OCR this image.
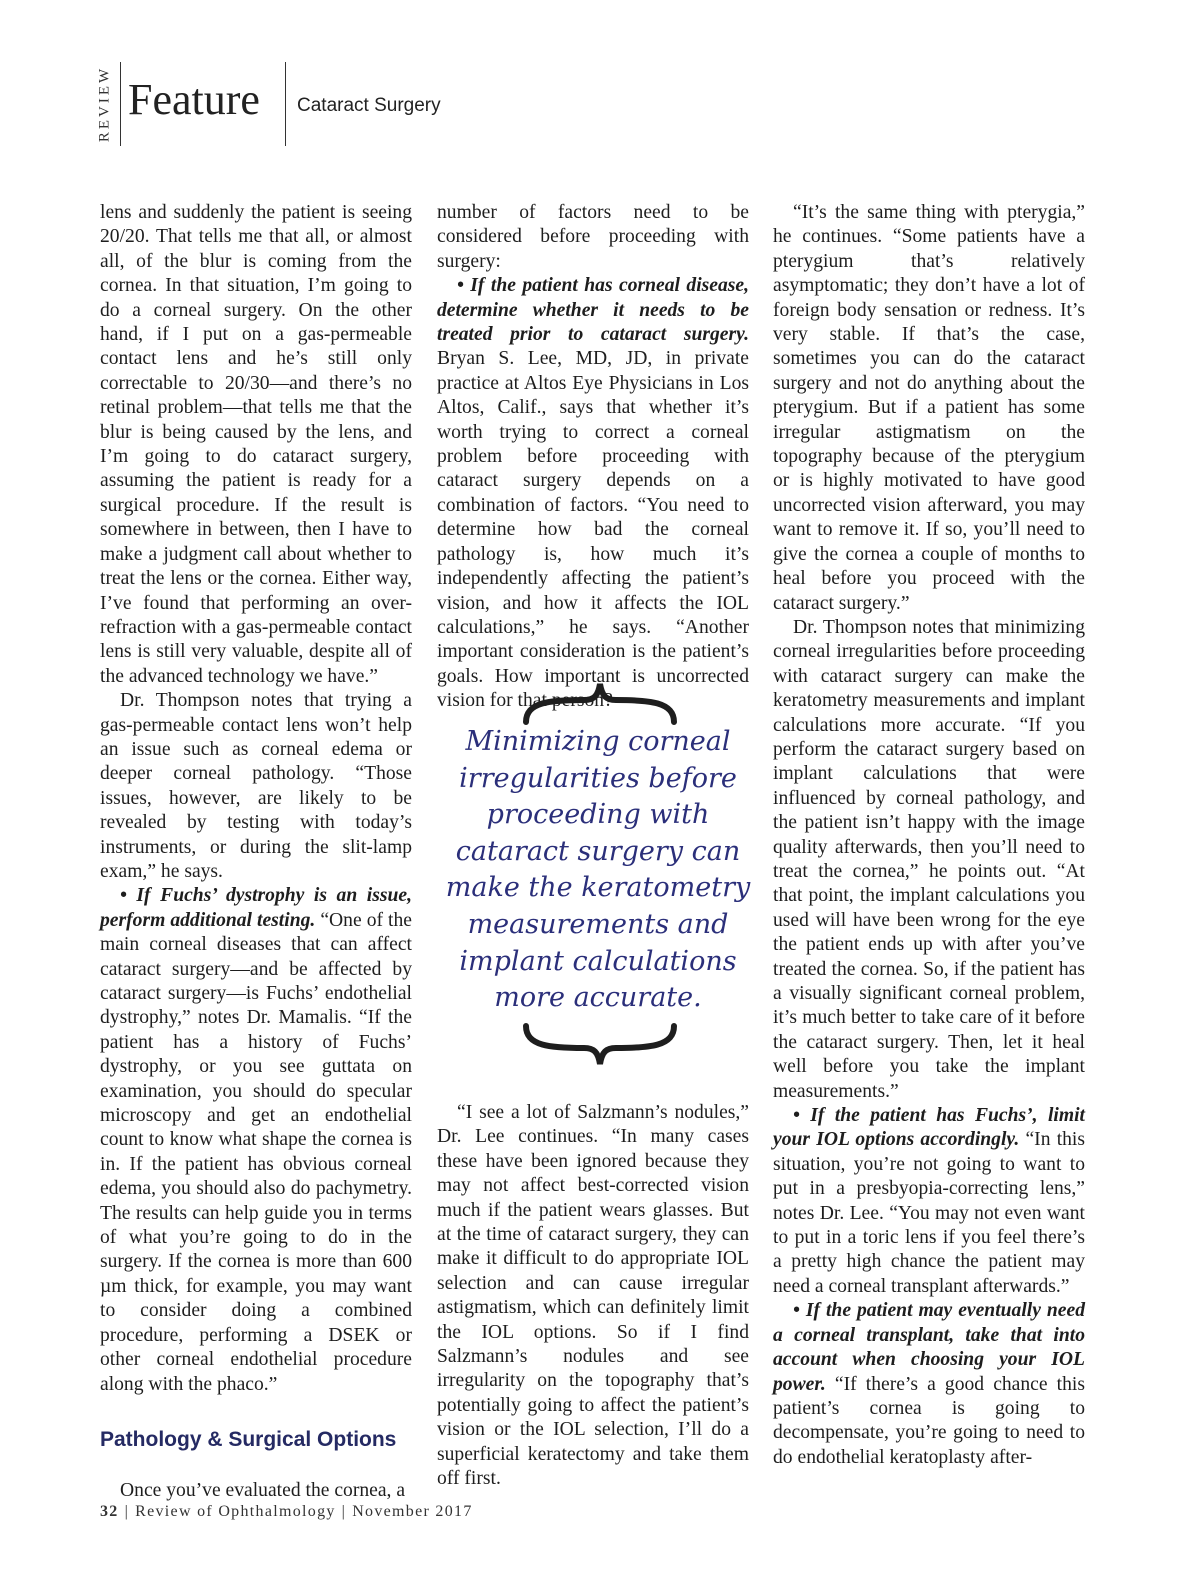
REVIEW Feature Cataract Surgery

lens and suddenly the patient is seeing 20/20. That tells me that all, or almost all, of the blur is coming from the cornea. In that situation, I’m going to do a corneal surgery. On the other hand, if I put on a gas-permeable contact lens and he’s still only correctable to 20/30—and there’s no retinal problem—that tells me that the blur is being caused by the lens, and I’m going to do cataract surgery, assuming the patient is ready for a surgical procedure. If the result is somewhere in between, then I have to make a judgment call about whether to treat the lens or the cornea. Either way, I’ve found that performing an over-refraction with a gas-permeable contact lens is still very valuable, despite all of the advanced technology we have.”

Dr. Thompson notes that trying a gas-permeable contact lens won’t help an issue such as corneal edema or deeper corneal pathology. “Those issues, however, are likely to be revealed by testing with today’s instruments, or during the slit-lamp exam,” he says.

• If Fuchs’ dystrophy is an issue, perform additional testing. “One of the main corneal diseases that can affect cataract surgery—and be affected by cataract surgery—is Fuchs’ endothelial dystrophy,” notes Dr. Mamalis. “If the patient has a history of Fuchs’ dystrophy, or you see guttata on examination, you should do specular microscopy and get an endothelial count to know what shape the cornea is in. If the patient has obvious corneal edema, you should also do pachymetry. The results can help guide you in terms of what you’re going to do in the surgery. If the cornea is more than 600 µm thick, for example, you may want to consider doing a combined procedure, performing a DSEK or other corneal endothelial procedure along with the phaco.”

Pathology & Surgical Options

Once you’ve evaluated the cornea, a

number of factors need to be considered before proceeding with surgery:

• If the patient has corneal disease, determine whether it needs to be treated prior to cataract surgery. Bryan S. Lee, MD, JD, in private practice at Altos Eye Physicians in Los Altos, Calif., says that whether it’s worth trying to correct a corneal problem before proceeding with cataract surgery depends on a combination of factors. “You need to determine how bad the corneal pathology is, how much it’s independently affecting the patient’s vision, and how it affects the IOL calculations,” he says. “Another important consideration is the patient’s goals. How important is uncorrected vision for that person?

Minimizing corneal irregularities before proceeding with cataract surgery can make the keratometry measurements and implant calculations more accurate.

“I see a lot of Salzmann’s nodules,” Dr. Lee continues. “In many cases these have been ignored because they may not affect best-corrected vision much if the patient wears glasses. But at the time of cataract surgery, they can make it difficult to do appropriate IOL selection and can cause irregular astigmatism, which can definitely limit the IOL options. So if I find Salzmann’s nodules and see irregularity on the topography that’s potentially going to affect the patient’s vision or the IOL selection, I’ll do a superficial keratectomy and take them off first.

“It’s the same thing with pterygia,” he continues. “Some patients have a pterygium that’s relatively asymptomatic; they don’t have a lot of foreign body sensation or redness. It’s very stable. If that’s the case, sometimes you can do the cataract surgery and not do anything about the pterygium. But if a patient has some irregular astigmatism on the topography because of the pterygium or is highly motivated to have good uncorrected vision afterward, you may want to remove it. If so, you’ll need to give the cornea a couple of months to heal before you proceed with the cataract surgery.”

Dr. Thompson notes that minimizing corneal irregularities before proceeding with cataract surgery can make the keratometry measurements and implant calculations more accurate. “If you perform the cataract surgery based on implant calculations that were influenced by corneal pathology, and the patient isn’t happy with the image quality afterwards, then you’ll need to treat the cornea,” he points out. “At that point, the implant calculations you used will have been wrong for the eye the patient ends up with after you’ve treated the cornea. So, if the patient has a visually significant corneal problem, it’s much better to take care of it before the cataract surgery. Then, let it heal well before you take the implant measurements.”

• If the patient has Fuchs’, limit your IOL options accordingly. “In this situation, you’re not going to want to put in a presbyopia-correcting lens,” notes Dr. Lee. “You may not even want to put in a toric lens if you feel there’s a pretty high chance the patient may need a corneal transplant afterwards.”

• If the patient may eventually need a corneal transplant, take that into account when choosing your IOL power. “If there’s a good chance this patient’s cornea is going to decompensate, you’re going to need to do endothelial keratoplasty after-

32 | Review of Ophthalmology | November 2017
